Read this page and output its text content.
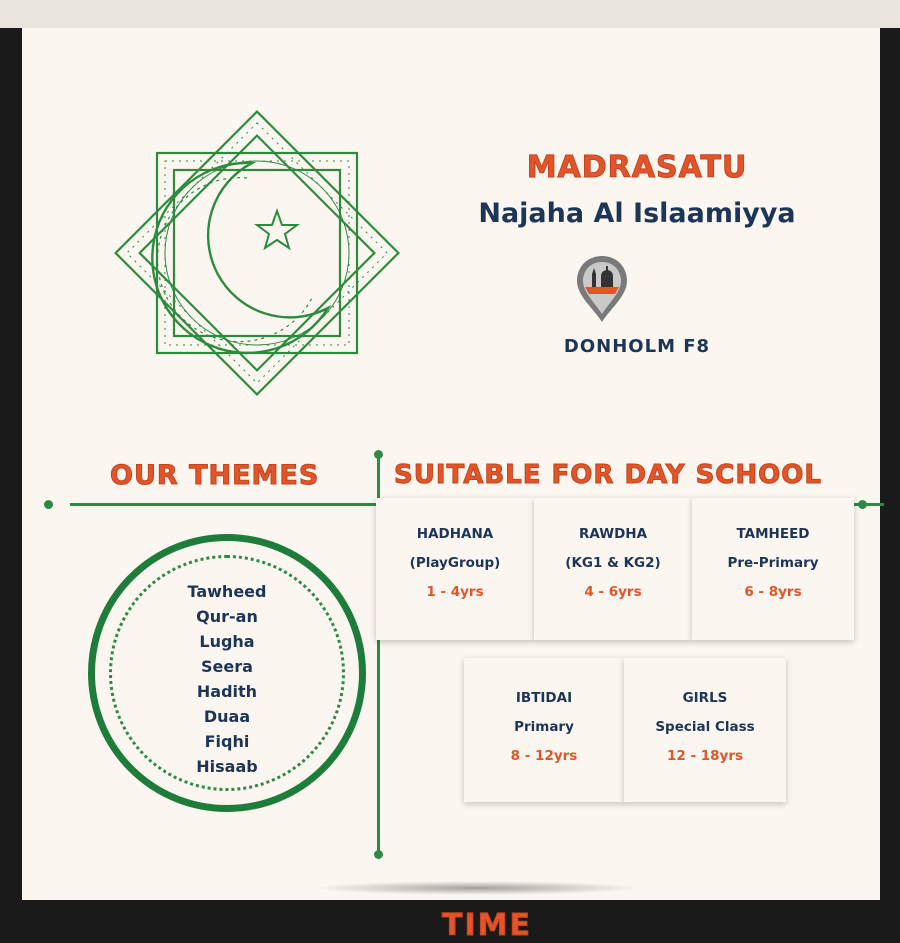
MADRASATU
Najaha Al Islaamiyya
DONHOLM F8
OUR THEMES	SUITABLE FOR DAY SCHOOL
Tawheed
Qur-an
Lugha
Seera
Hadith
Duaa
Fiqhi
Hisaab
HADHANA
(PlayGroup)
1 - 4yrs
RAWDHA
(KG1 & KG2)
4 - 6yrs
TAMHEED
Pre-Primary
6 - 8yrs
IBTIDAI
Primary
8 - 12yrs
GIRLS
Special Class
12 - 18yrs
TIME
